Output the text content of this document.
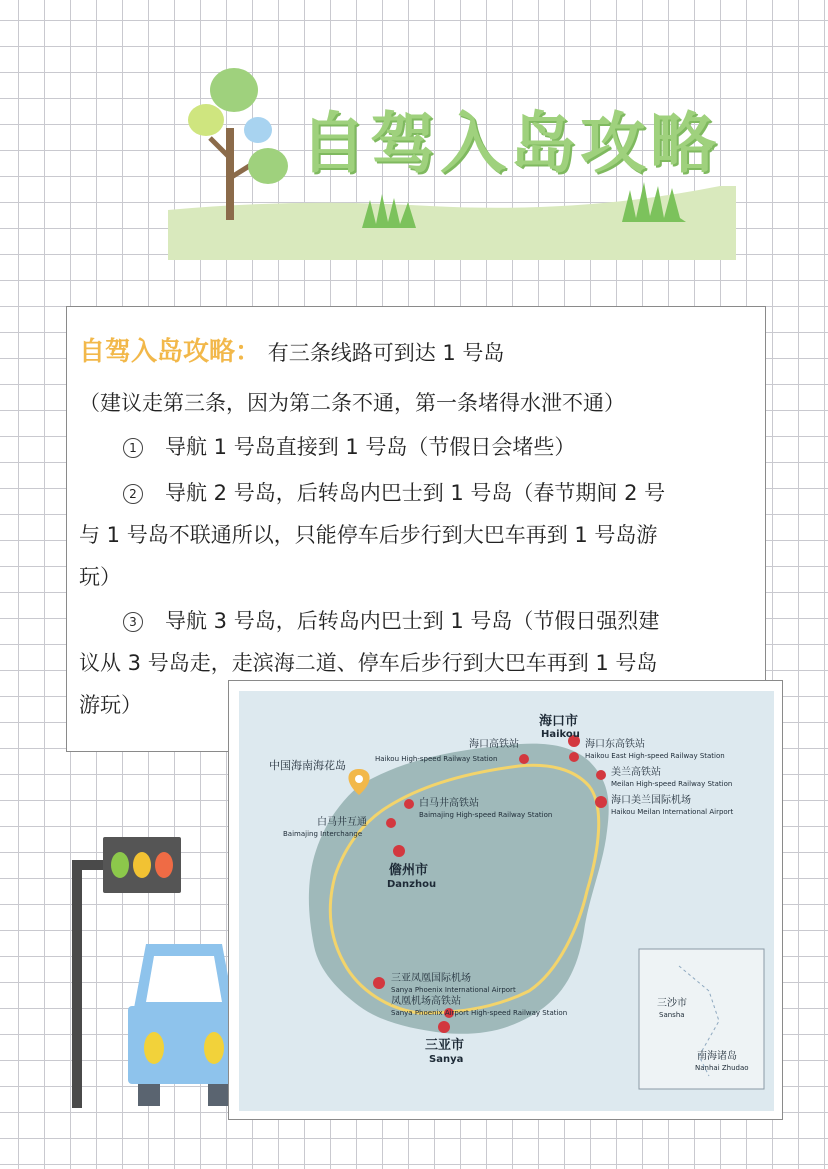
自驾入岛攻略
自驾入岛攻略： 有三条线路可到达 1 号岛
（建议走第三条，因为第二条不通，第一条堵得水泄不通）
1 导航 1 号岛直接到 1 号岛（节假日会堵些）
2 导航 2 号岛，后转岛内巴士到 1 号岛（春节期间 2 号
与 1 号岛不联通所以，只能停车后步行到大巴车再到 1 号岛游
玩）
3 导航 3 号岛，后转岛内巴士到 1 号岛（节假日强烈建
议从 3 号岛走，走滨海二道、停车后步行到大巴车再到 1 号岛
游玩）
中国海南海花岛
海口市
Haikou
海口高铁站
Haikou High-speed Railway Station
海口东高铁站
Haikou East High-speed Railway Station
美兰高铁站
Meilan High-speed Railway Station
海口美兰国际机场
Haikou Meilan International Airport
白马井高铁站
Baimajing High-speed Railway Station
白马井互通
Baimajing Interchange
儋州市
Danzhou
三亚凤凰国际机场
Sanya Phoenix International Airport
凤凰机场高铁站
Sanya Phoenix Airport High-speed Railway Station
三亚市
Sanya
三沙市
Sansha
南海诸岛
Nanhai Zhudao
